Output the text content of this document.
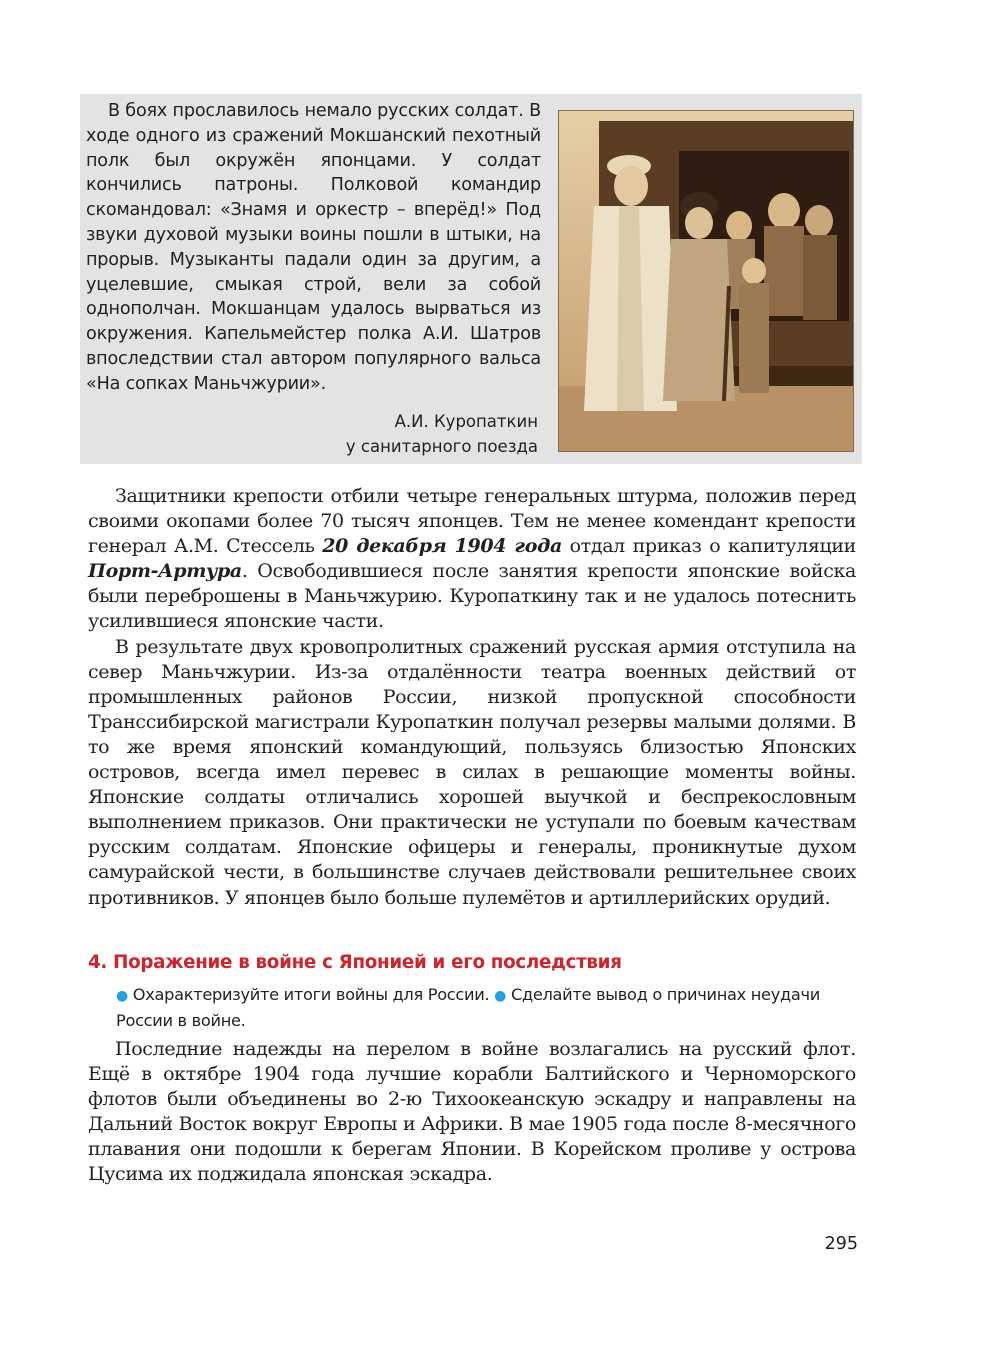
В боях прославилось немало русских солдат. В ходе одного из сражений Мокшанский пехотный полк был окружён японцами. У солдат кончились патроны. Полковой командир скомандовал: «Знамя и оркестр – вперёд!» Под звуки духовой музыки воины пошли в штыки, на прорыв. Музыканты падали один за другим, а уцелевшие, смыкая строй, вели за собой однополчан. Мокшанцам удалось вырваться из окружения. Капельмейстер полка А.И. Шатров впоследствии стал автором популярного вальса «На сопках Маньчжурии».

А.И. Куропаткин
у санитарного поезда

Защитники крепости отбили четыре генеральных штурма, положив перед своими окопами более 70 тысяч японцев. Тем не менее комендант крепости генерал А.М. Стессель 20 декабря 1904 года отдал приказ о капитуляции Порт-Артура. Освободившиеся после занятия крепости японские войска были переброшены в Маньчжурию. Куропаткину так и не удалось потеснить усилившиеся японские части.

В результате двух кровопролитных сражений русская армия отступила на север Маньчжурии. Из-за отдалённости театра военных действий от промышленных районов России, низкой пропускной способности Транссибирской магистрали Куропаткин получал резервы малыми долями. В то же время японский командующий, пользуясь близостью Японских островов, всегда имел перевес в силах в решающие моменты войны. Японские солдаты отличались хорошей выучкой и беспрекословным выполнением приказов. Они практически не уступали по боевым качествам русским солдатам. Японские офицеры и генералы, проникнутые духом самурайской чести, в большинстве случаев действовали решительнее своих противников. У японцев было больше пулемётов и артиллерийских орудий.

4. Поражение в войне с Японией и его последствия

● Охарактеризуйте итоги войны для России. ● Сделайте вывод о причинах неудачи России в войне.

Последние надежды на перелом в войне возлагались на русский флот. Ещё в октябре 1904 года лучшие корабли Балтийского и Черноморского флотов были объединены во 2-ю Тихоокеанскую эскадру и направлены на Дальний Восток вокруг Европы и Африки. В мае 1905 года после 8-месячного плавания они подошли к берегам Японии. В Корейском проливе у острова Цусима их поджидала японская эскадра.

295
